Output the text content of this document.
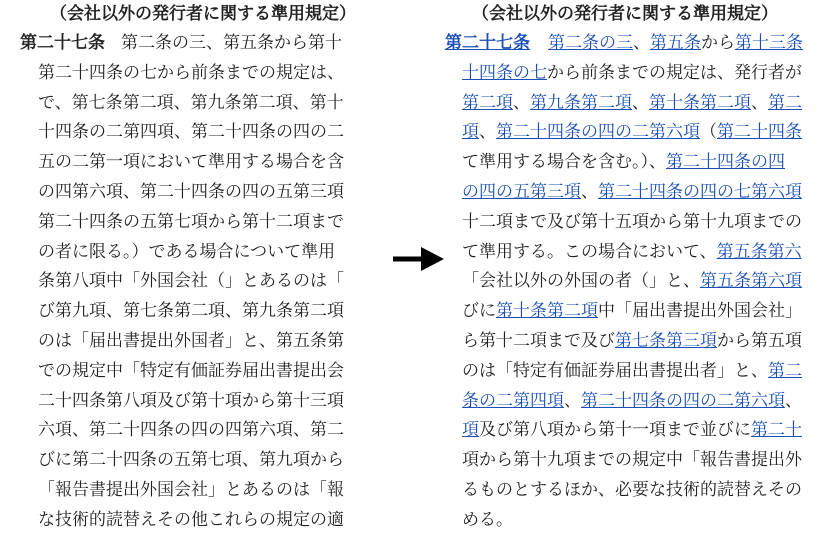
（会社以外の発行者に関する準用規定）
第二十七条 第二条の三、第五条から第十
第二十四条の七から前条までの規定は、
で、第七条第二項、第九条第二項、第十
十四条の二第四項、第二十四条の四の二
五の二第一項において準用する場合を含
の四第六項、第二十四条の四の五第三項
第二十四条の五第七項から第十二項まで
の者に限る。）である場合について準用
条第八項中「外国会社（」とあるのは「
び第九項、第七条第二項、第九条第二項
のは「届出書提出外国者」と、第五条第
での規定中「特定有価証券届出書提出会
二十四条第八項及び第十項から第十三項
六項、第二十四条の四の四第六項、第二
びに第二十四条の五第七項、第九項から
「報告書提出外国会社」とあるのは「報
な技術的読替えその他これらの規定の適
（会社以外の発行者に関する準用規定）
第二十七条 第二条の三、第五条から第十三条
十四条の七から前条までの規定は、発行者が
第二項、第九条第二項、第十条第二項、第二
項、第二十四条の四の二第六項（第二十四条
て準用する場合を含む。）、第二十四条の四
の四の五第三項、第二十四条の四の七第六項
十二項まで及び第十五項から第十九項までの
て準用する。この場合において、第五条第六
「会社以外の外国の者（」と、第五条第六項
びに第十条第二項中「届出書提出外国会社」
ら第十二項まで及び第七条第三項から第五項
のは「特定有価証券届出書提出者」と、第二
条の二第四項、第二十四条の四の二第六項、
項及び第八項から第十一項まで並びに第二十
項から第十九項までの規定中「報告書提出外
るものとするほか、必要な技術的読替えその
める。
